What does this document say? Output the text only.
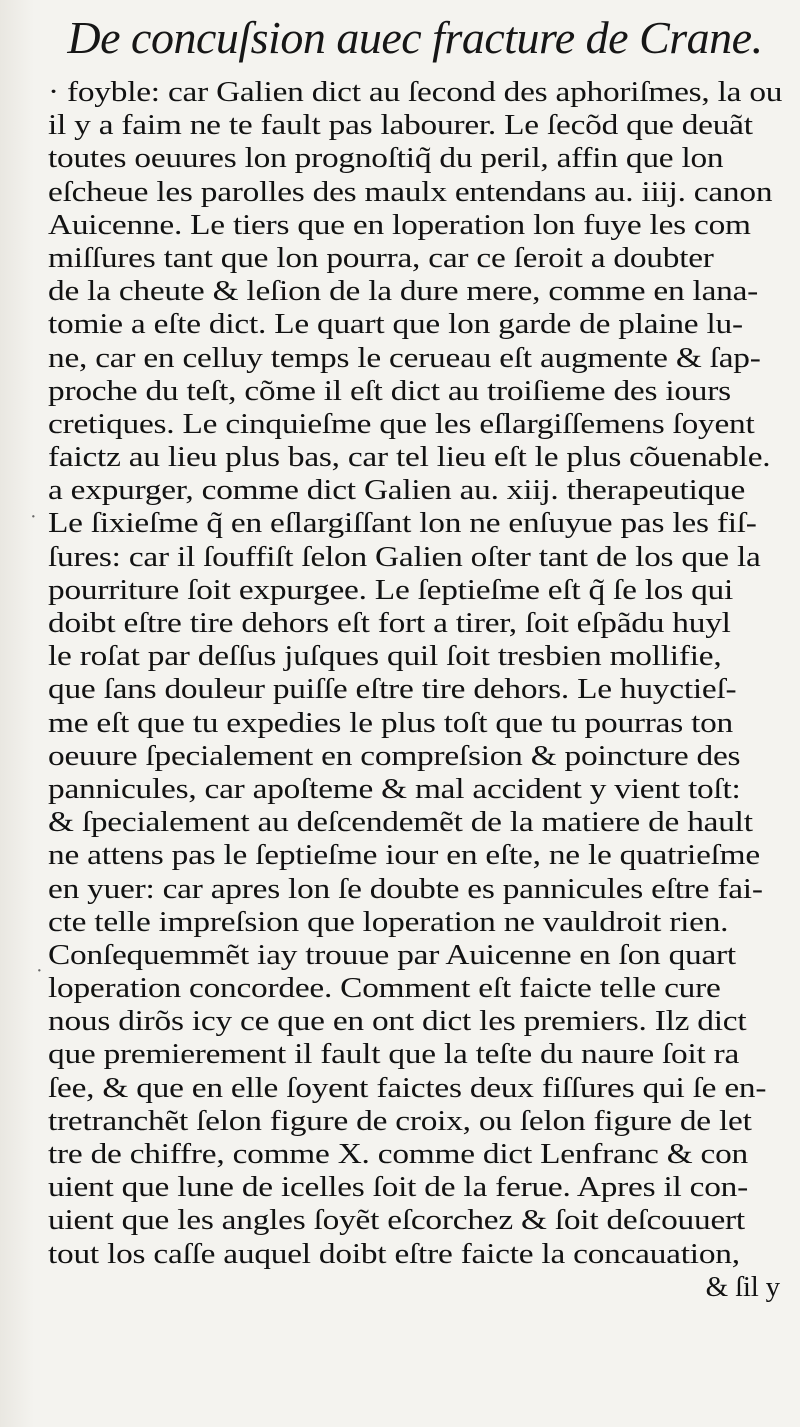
De concuſsion auec fracture de Crane.
· foyble: car Galien dict au ſecond des aphoriſmes, la ou
il y a faim ne te fault pas labourer. Le ſecõd que deuãt
toutes oeuures lon prognoſtiq̃ du peril, affin que lon
eſcheue les parolles des maulx entendans au. iiij. canon
Auicenne. Le tiers que en loperation lon fuye les com
miſſures tant que lon pourra, car ce ſeroit a doubter
de la cheute & leſion de la dure mere, comme en lana-
tomie a eſte dict. Le quart que lon garde de plaine lu-
ne, car en celluy temps le cerueau eſt augmente & ſap-
proche du teſt, cõme il eſt dict au troiſieme des iours
cretiques. Le cinquieſme que les eſlargiſſemens ſoyent
faictz au lieu plus bas, car tel lieu eſt le plus cõuenable.
a expurger, comme dict Galien au. xiij. therapeutique
Le ſixieſme q̃ en eſlargiſſant lon ne enſuyue pas les fiſ-
ſures: car il ſouffiſt ſelon Galien oſter tant de los que la
pourriture ſoit expurgee. Le ſeptieſme eſt q̃ ſe los qui
doibt eſtre tire dehors eſt fort a tirer, ſoit eſpãdu huyl
le roſat par deſſus juſques quil ſoit tresbien mollifie,
que ſans douleur puiſſe eſtre tire dehors. Le huyctieſ-
me eſt que tu expedies le plus toſt que tu pourras ton
oeuure ſpecialement en compreſsion & poincture des
pannicules, car apoſteme & mal accident y vient toſt:
& ſpecialement au deſcendemẽt de la matiere de hault
ne attens pas le ſeptieſme iour en eſte, ne le quatrieſme
en yuer: car apres lon ſe doubte es pannicules eſtre fai-
cte telle impreſsion que loperation ne vauldroit rien.
Conſequemmẽt iay trouue par Auicenne en ſon quart
loperation concordee. Comment eſt faicte telle cure
nous dirõs icy ce que en ont dict les premiers. Ilz dict
que premierement il fault que la teſte du naure ſoit ra
ſee, & que en elle ſoyent faictes deux fiſſures qui ſe en-
tretranchẽt ſelon figure de croix, ou ſelon figure de let
tre de chiffre, comme X. comme dict Lenfranc & con
uient que lune de icelles ſoit de la ferue. Apres il con-
uient que les angles ſoyẽt eſcorchez & ſoit deſcouuert
tout los caſſe auquel doibt eſtre faicte la concauation,
& ſil y
·
·
